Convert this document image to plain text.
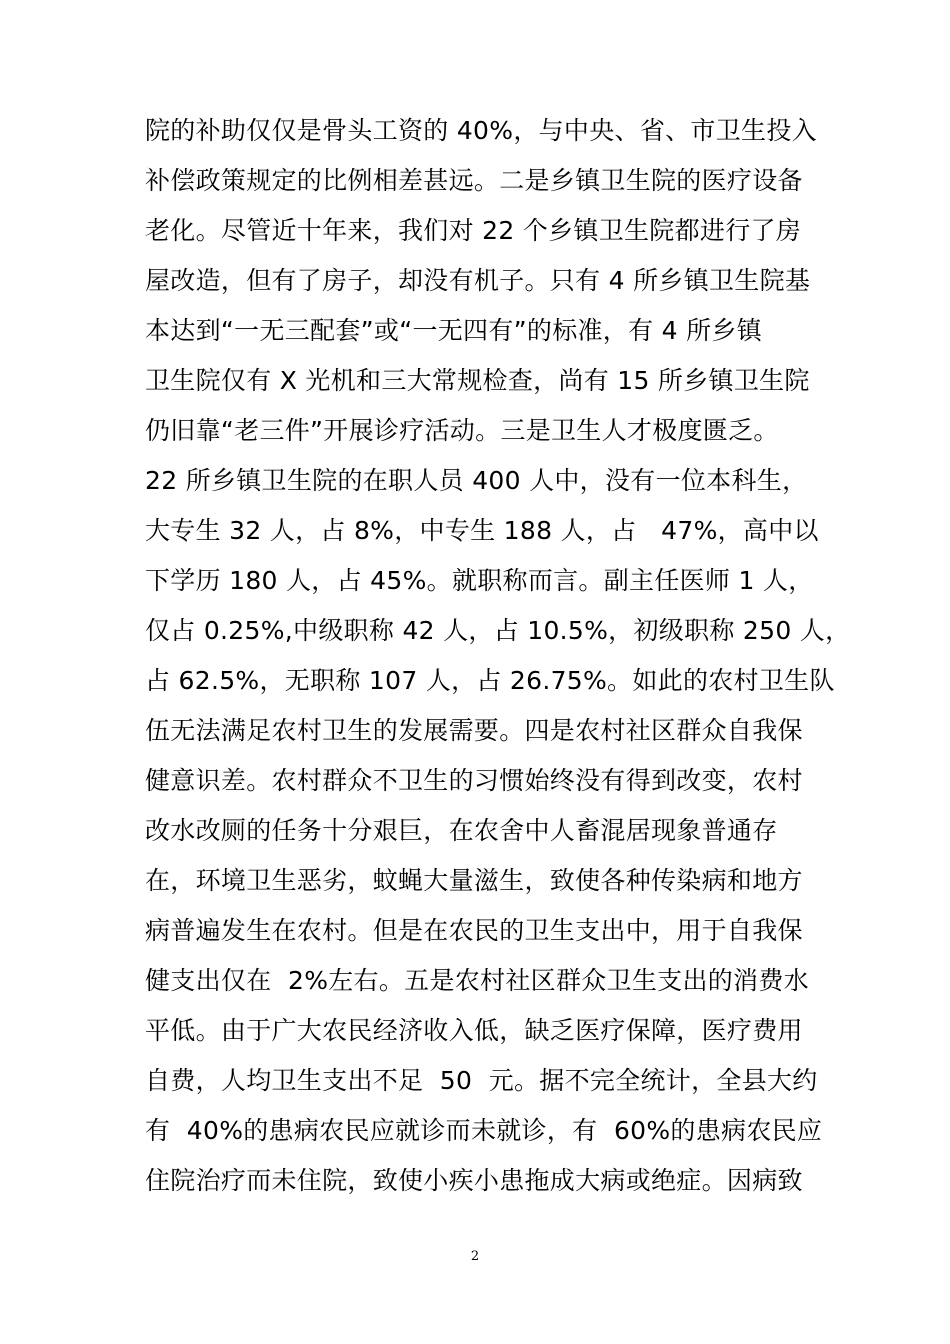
院的补助仅仅是骨头工资的 40%，与中央、省、市卫生投入
补偿政策规定的比例相差甚远。二是乡镇卫生院的医疗设备
老化。尽管近十年来，我们对 22 个乡镇卫生院都进行了房
屋改造，但有了房子，却没有机子。只有 4 所乡镇卫生院基
本达到“一无三配套”或“一无四有”的标准，有 4 所乡镇
卫生院仅有 X 光机和三大常规检查，尚有 15 所乡镇卫生院
仍旧靠“老三件”开展诊疗活动。三是卫生人才极度匮乏。
22 所乡镇卫生院的在职人员 400 人中，没有一位本科生，
大专生 32 人，占 8%，中专生 188 人，占   47%，高中以
下学历 180 人，占 45%。就职称而言。副主任医师 1 人，
仅占 0.25%,中级职称 42 人，占 10.5%，初级职称 250 人，
占 62.5%，无职称 107 人，占 26.75%。如此的农村卫生队
伍无法满足农村卫生的发展需要。四是农村社区群众自我保
健意识差。农村群众不卫生的习惯始终没有得到改变，农村
改水改厕的任务十分艰巨，在农舍中人畜混居现象普通存
在，环境卫生恶劣，蚊蝇大量滋生，致使各种传染病和地方
病普遍发生在农村。但是在农民的卫生支出中，用于自我保
健支出仅在  2%左右。五是农村社区群众卫生支出的消费水
平低。由于广大农民经济收入低，缺乏医疗保障，医疗费用
自费，人均卫生支出不足  50  元。据不完全统计，全县大约
有  40%的患病农民应就诊而未就诊，有  60%的患病农民应
住院治疗而未住院，致使小疾小患拖成大病或绝症。因病致
2
